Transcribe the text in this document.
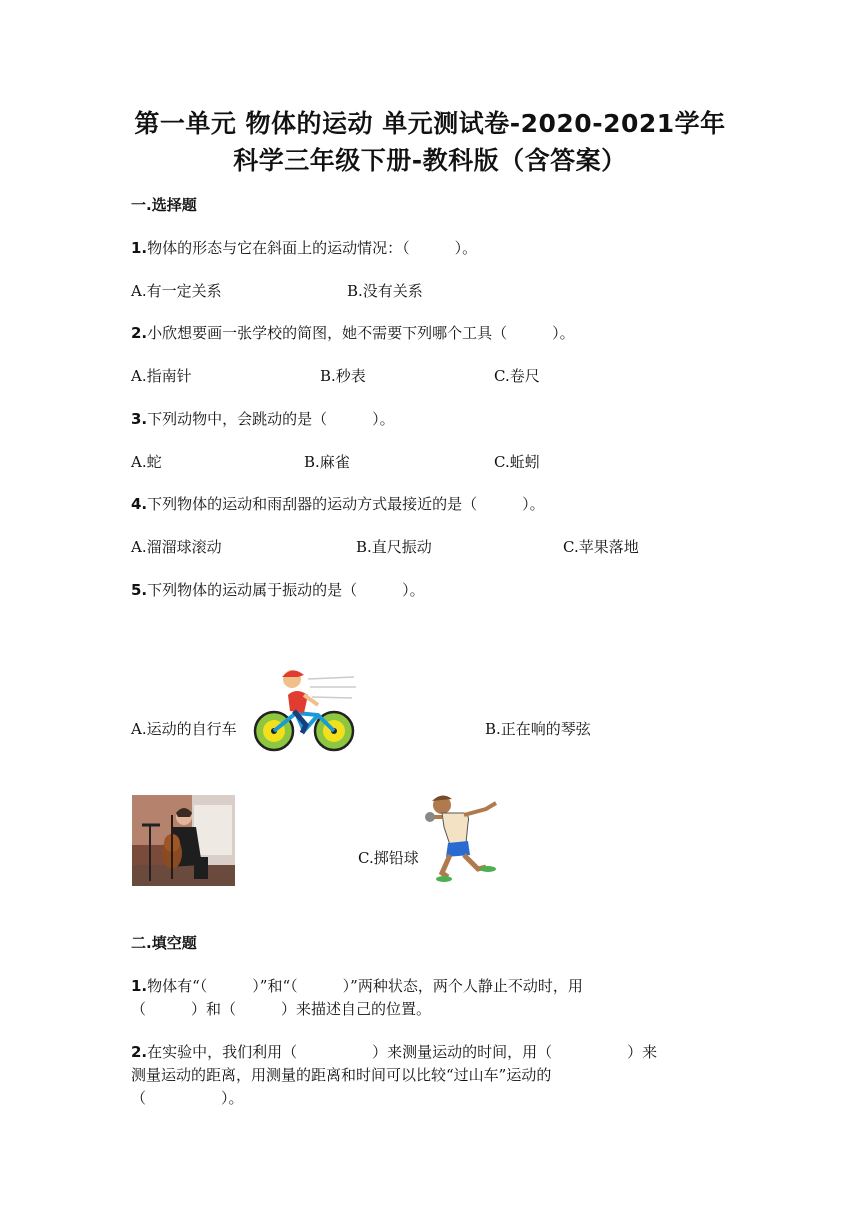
第一单元 物体的运动 单元测试卷-2020-2021学年
科学三年级下册-教科版（含答案）
一.选择题
1.物体的形态与它在斜面上的运动情况：（　　　）。
A.有一定关系	B.没有关系
2.小欣想要画一张学校的简图，她不需要下列哪个工具（　　　）。
A.指南针	B.秒表	C.卷尺
3.下列动物中，会跳动的是（　　　）。
A.蛇	B.麻雀	C.蚯蚓
4.下列物体的运动和雨刮器的运动方式最接近的是（　　　）。
A.溜溜球滚动	B.直尺振动	C.苹果落地
5.下列物体的运动属于振动的是（　　　）。
A.运动的自行车	B.正在响的琴弦
C.掷铅球
二.填空题
1.物体有“（　　　）”和“（　　　）”两种状态，两个人静止不动时，用
（　　　）和（　　　）来描述自己的位置。
2.在实验中，我们利用（　　　　　）来测量运动的时间，用（　　　　　）来
测量运动的距离，用测量的距离和时间可以比较“过山车”运动的
（　　　　　）。
